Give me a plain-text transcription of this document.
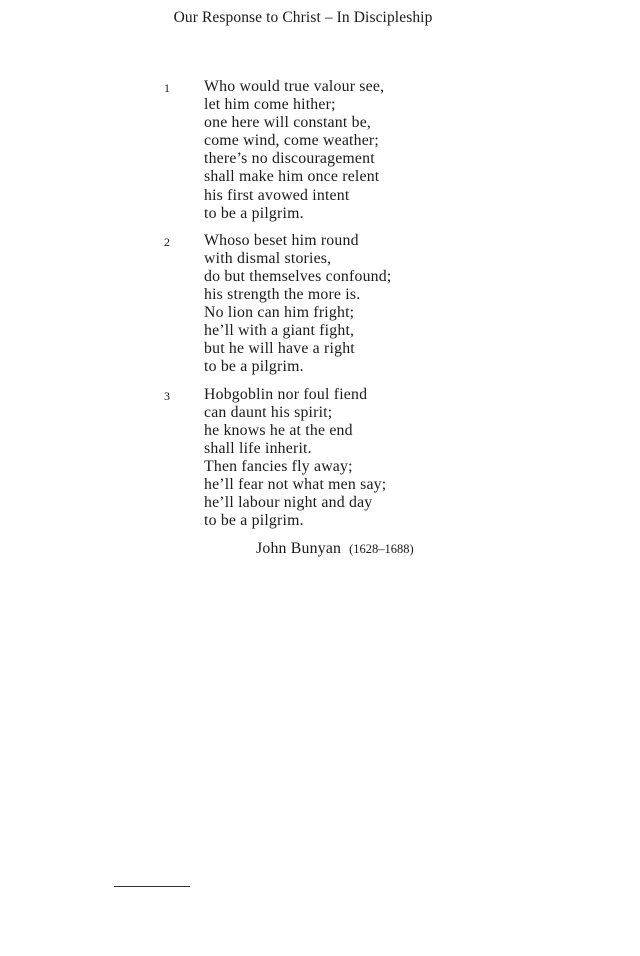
Our Response to Christ – In Discipleship
1 Who would true valour see,
let him come hither;
one here will constant be,
come wind, come weather;
there’s no discouragement
shall make him once relent
his first avowed intent
to be a pilgrim.
2 Whoso beset him round
with dismal stories,
do but themselves confound;
his strength the more is.
No lion can him fright;
he’ll with a giant fight,
but he will have a right
to be a pilgrim.
3 Hobgoblin nor foul fiend
can daunt his spirit;
he knows he at the end
shall life inherit.
Then fancies fly away;
he’ll fear not what men say;
he’ll labour night and day
to be a pilgrim.
John Bunyan (1628–1688)
